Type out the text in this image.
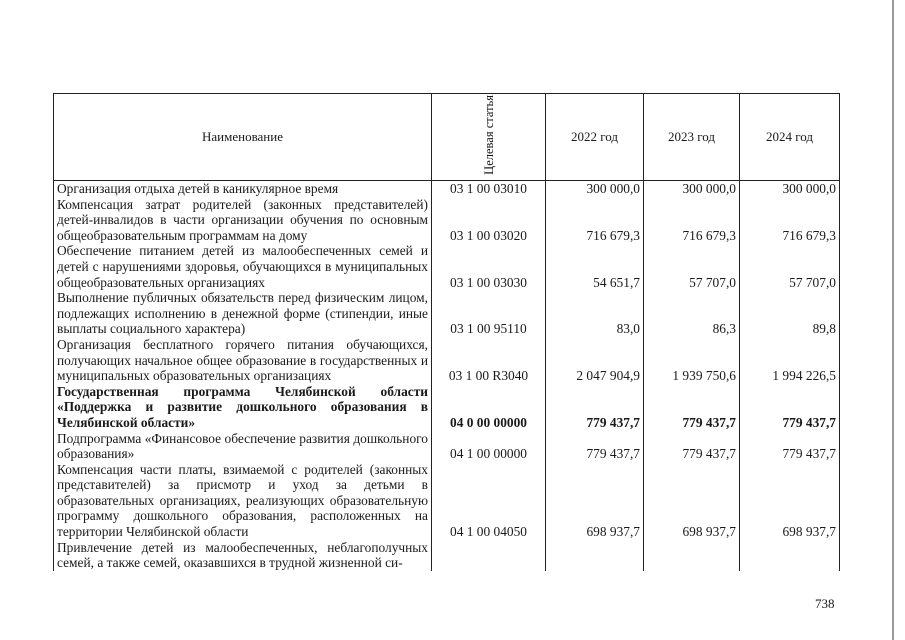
Наименование	Целевая статья	2022 год	2023 год	2024 год
Организация отдыха детей в каникулярное время	03 1 00 03010	300 000,0	300 000,0	300 000,0
Компенсация затрат родителей (законных представителей) детей-инвалидов в части организации обучения по основным общеобразовательным программам на дому	03 1 00 03020	716 679,3	716 679,3	716 679,3
Обеспечение питанием детей из малообеспеченных семей и детей с нарушениями здоровья, обучающихся в муниципальных общеобразовательных организациях	03 1 00 03030	54 651,7	57 707,0	57 707,0
Выполнение публичных обязательств перед физическим лицом, подлежащих исполнению в денежной форме (стипендии, иные выплаты социального характера)	03 1 00 95110	83,0	86,3	89,8
Организация бесплатного горячего питания обучающихся, получающих начальное общее образование в государственных и муниципальных образовательных организациях	03 1 00 R3040	2 047 904,9	1 939 750,6	1 994 226,5
Государственная программа Челябинской области «Поддержка и развитие дошкольного образования в Челябинской области»	04 0 00 00000	779 437,7	779 437,7	779 437,7
Подпрограмма «Финансовое обеспечение развития дошкольного образования»	04 1 00 00000	779 437,7	779 437,7	779 437,7
Компенсация части платы, взимаемой с родителей (законных представителей) за присмотр и уход за детьми в образовательных организациях, реализующих образовательную программу дошкольного образования, расположенных на территории Челябинской области	04 1 00 04050	698 937,7	698 937,7	698 937,7
Привлечение детей из малообеспеченных, неблагополучных семей, а также семей, оказавшихся в трудной жизненной си-				
738
